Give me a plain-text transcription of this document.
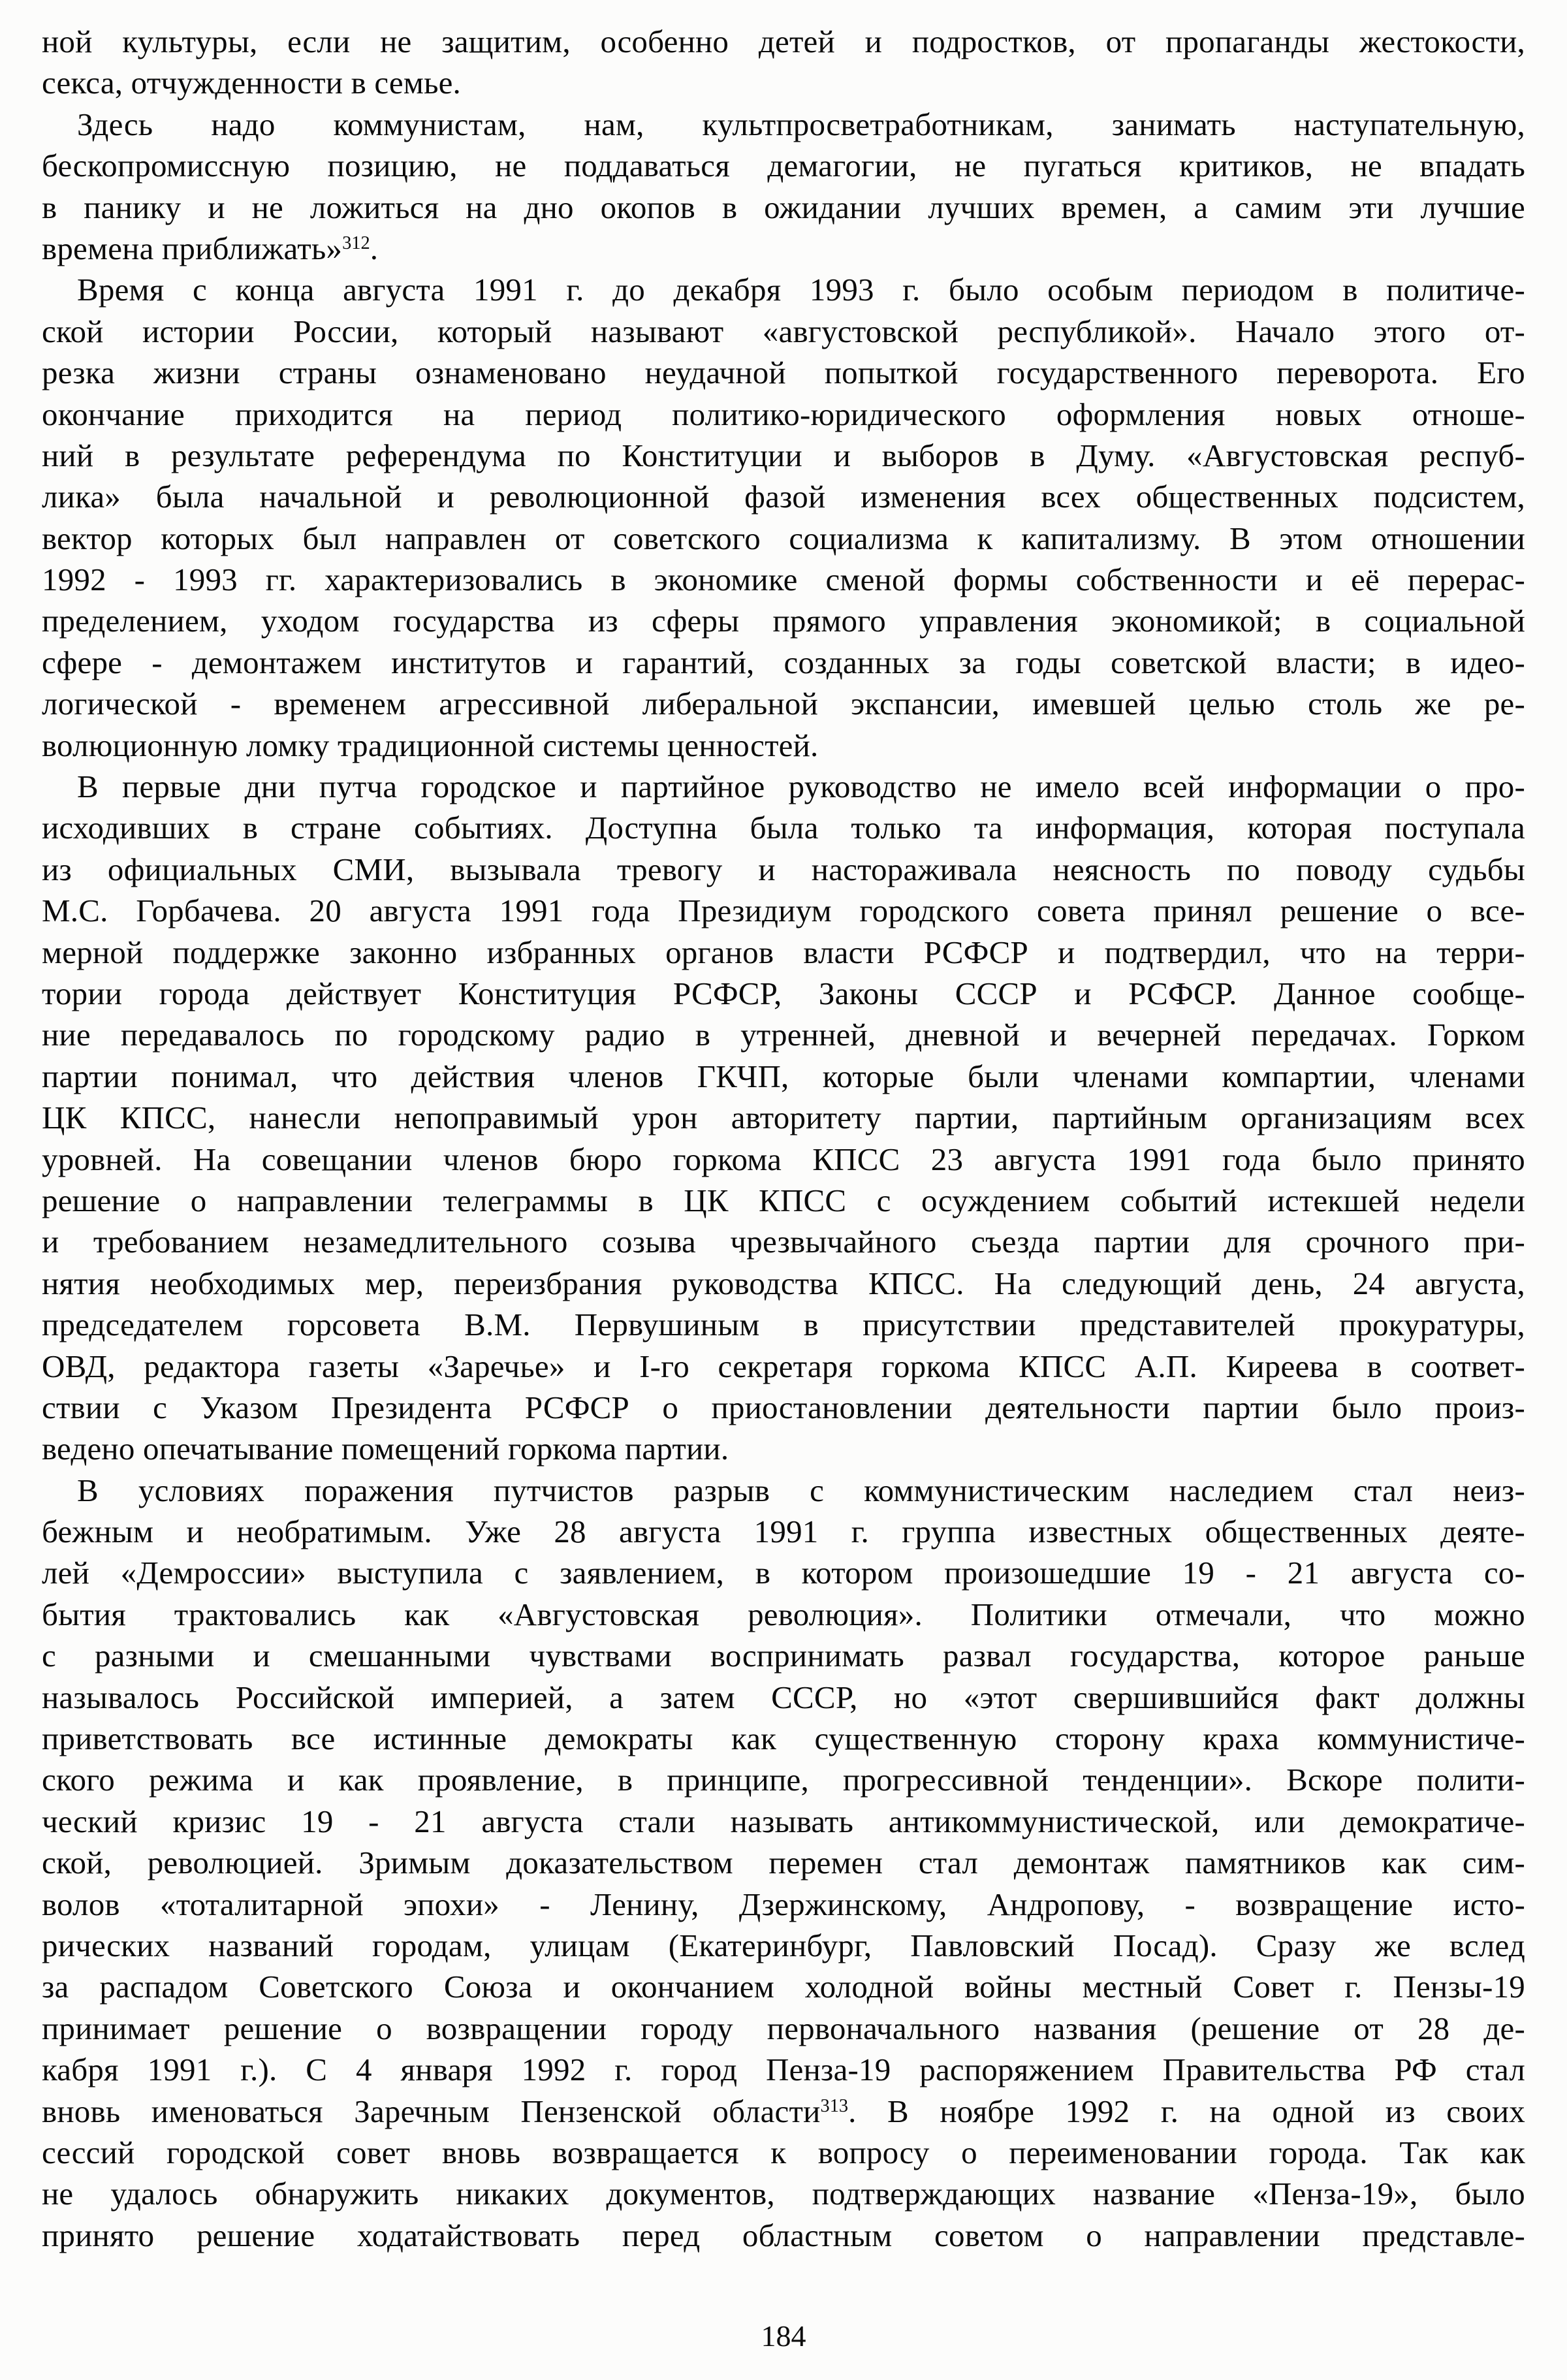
ной культуры, если не защитим, особенно детей и подростков, от пропаганды жестокости,
секса, отчужденности в семье.
Здесь надо коммунистам, нам, культпросветработникам, занимать наступательную,
бескопромиссную позицию, не поддаваться демагогии, не пугаться критиков, не впадать
в панику и не ложиться на дно окопов в ожидании лучших времен, а самим эти лучшие
времена приближать»$^{312}$.
Время с конца августа 1991 г. до декабря 1993 г. было особым периодом в политиче-
ской истории России, который называют «августовской республикой». Начало этого от-
резка жизни страны ознаменовано неудачной попыткой государственного переворота. Его
окончание приходится на период политико-юридического оформления новых отноше-
ний в результате референдума по Конституции и выборов в Думу. «Августовская респуб-
лика» была начальной и революционной фазой изменения всех общественных подсистем,
вектор которых был направлен от советского социализма к капитализму. В этом отношении
1992 - 1993 гг. характеризовались в экономике сменой формы собственности и её перерас-
пределением, уходом государства из сферы прямого управления экономикой; в социальной
сфере - демонтажем институтов и гарантий, созданных за годы советской власти; в идео-
логической - временем агрессивной либеральной экспансии, имевшей целью столь же ре-
волюционную ломку традиционной системы ценностей.
В первые дни путча городское и партийное руководство не имело всей информации о про-
исходивших в стране событиях. Доступна была только та информация, которая поступала
из официальных СМИ, вызывала тревогу и настораживала неясность по поводу судьбы
М.С. Горбачева. 20 августа 1991 года Президиум городского совета принял решение о все-
мерной поддержке законно избранных органов власти РСФСР и подтвердил, что на терри-
тории города действует Конституция РСФСР, Законы СССР и РСФСР. Данное сообще-
ние передавалось по городскому радио в утренней, дневной и вечерней передачах. Горком
партии понимал, что действия членов ГКЧП, которые были членами компартии, членами
ЦК КПСС, нанесли непоправимый урон авторитету партии, партийным организациям всех
уровней. На совещании членов бюро горкома КПСС 23 августа 1991 года было принято
решение о направлении телеграммы в ЦК КПСС с осуждением событий истекшей недели
и требованием незамедлительного созыва чрезвычайного съезда партии для срочного при-
нятия необходимых мер, переизбрания руководства КПСС. На следующий день, 24 августа,
председателем горсовета В.М. Первушиным в присутствии представителей прокуратуры,
ОВД, редактора газеты «Заречье» и I-го секретаря горкома КПСС А.П. Киреева в соответ-
ствии с Указом Президента РСФСР о приостановлении деятельности партии было произ-
ведено опечатывание помещений горкома партии.
В условиях поражения путчистов разрыв с коммунистическим наследием стал неиз-
бежным и необратимым. Уже 28 августа 1991 г. группа известных общественных деяте-
лей «Демроссии» выступила с заявлением, в котором произошедшие 19 - 21 августа со-
бытия трактовались как «Августовская революция». Политики отмечали, что можно
с разными и смешанными чувствами воспринимать развал государства, которое раньше
называлось Российской империей, а затем СССР, но «этот свершившийся факт должны
приветствовать все истинные демократы как существенную сторону краха коммунистиче-
ского режима и как проявление, в принципе, прогрессивной тенденции». Вскоре полити-
ческий кризис 19 - 21 августа стали называть антикоммунистической, или демократиче-
ской, революцией. Зримым доказательством перемен стал демонтаж памятников как сим-
волов «тоталитарной эпохи» - Ленину, Дзержинскому, Андропову, - возвращение исто-
рических названий городам, улицам (Екатеринбург, Павловский Посад). Сразу же вслед
за распадом Советского Союза и окончанием холодной войны местный Совет г. Пензы-19
принимает решение о возвращении городу первоначального названия (решение от 28 де-
кабря 1991 г.). С 4 января 1992 г. город Пенза-19 распоряжением Правительства РФ стал
вновь именоваться Заречным Пензенской области$^{313}$. В ноябре 1992 г. на одной из своих
сессий городской совет вновь возвращается к вопросу о переименовании города. Так как
не удалось обнаружить никаких документов, подтверждающих название «Пенза-19», было
принято решение ходатайствовать перед областным советом о направлении представле-
184
